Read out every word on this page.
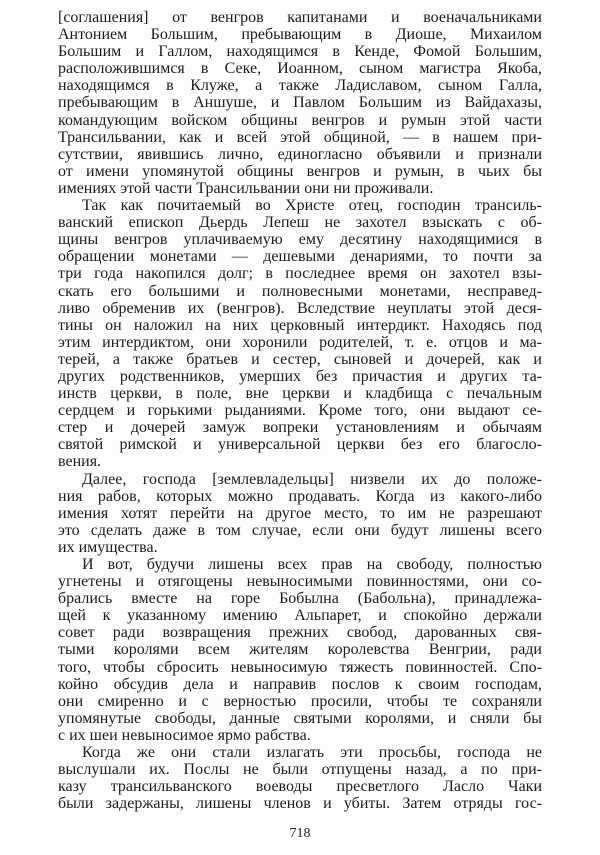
[соглашения] от венгров капитанами и военачальниками
Антонием Большим, пребывающим в Диоше, Михаилом
Большим и Галлом, находящимся в Кенде, Фомой Большим,
расположившимся в Секе, Иоанном, сыном магистра Якоба,
находящимся в Клуже, а также Ладиславом, сыном Галла,
пребывающим в Аншуше, и Павлом Большим из Вайдахазы,
командующим войском общины венгров и румын этой части
Трансильвании, как и всей этой общиной, — в нашем при-
сутствии, явившись лично, единогласно объявили и признали
от имени упомянутой общины венгров и румын, в чьих бы
имениях этой части Трансильвании они ни проживали.
Так как почитаемый во Христе отец, господин трансиль-
ванский епископ Дьердь Лепеш не захотел взыскать с об-
щины венгров уплачиваемую ему десятину находящимися в
обращении монетами — дешевыми денариями, то почти за
три года накопился долг; в последнее время он захотел взы-
скать его большими и полновесными монетами, несправед-
ливо обременив их (венгров). Вследствие неуплаты этой деся-
тины он наложил на них церковный интердикт. Находясь под
этим интердиктом, они хоронили родителей, т. е. отцов и ма-
терей, а также братьев и сестер, сыновей и дочерей, как и
других родственников, умерших без причастия и других та-
инств церкви, в поле, вне церкви и кладбища с печальным
сердцем и горькими рыданиями. Кроме того, они выдают се-
стер и дочерей замуж вопреки установлениям и обычаям
святой римской и универсальной церкви без его благосло-
вения.
Далее, господа [землевладельцы] низвели их до положе-
ния рабов, которых можно продавать. Когда из какого-либо
имения хотят перейти на другое место, то им не разрешают
это сделать даже в том случае, если они будут лишены всего
их имущества.
И вот, будучи лишены всех прав на свободу, полностью
угнетены и отягощены невыносимыми повинностями, они со-
брались вместе на горе Бобылна (Бабольна), принадлежа-
щей к указанному имению Альпарет, и спокойно держали
совет ради возвращения прежних свобод, дарованных свя-
тыми королями всем жителям королевства Венгрии, ради
того, чтобы сбросить невыносимую тяжесть повинностей. Спо-
койно обсудив дела и направив послов к своим господам,
они смиренно и с верностью просили, чтобы те сохраняли
упомянутые свободы, данные святыми королями, и сняли бы
с их шеи невыносимое ярмо рабства.
Когда же они стали излагать эти просьбы, господа не
выслушали их. Послы не были отпущены назад, а по при-
казу трансильванского воеводы пресветлого Ласло Чаки
были задержаны, лишены членов и убиты. Затем отряды гос-
718
